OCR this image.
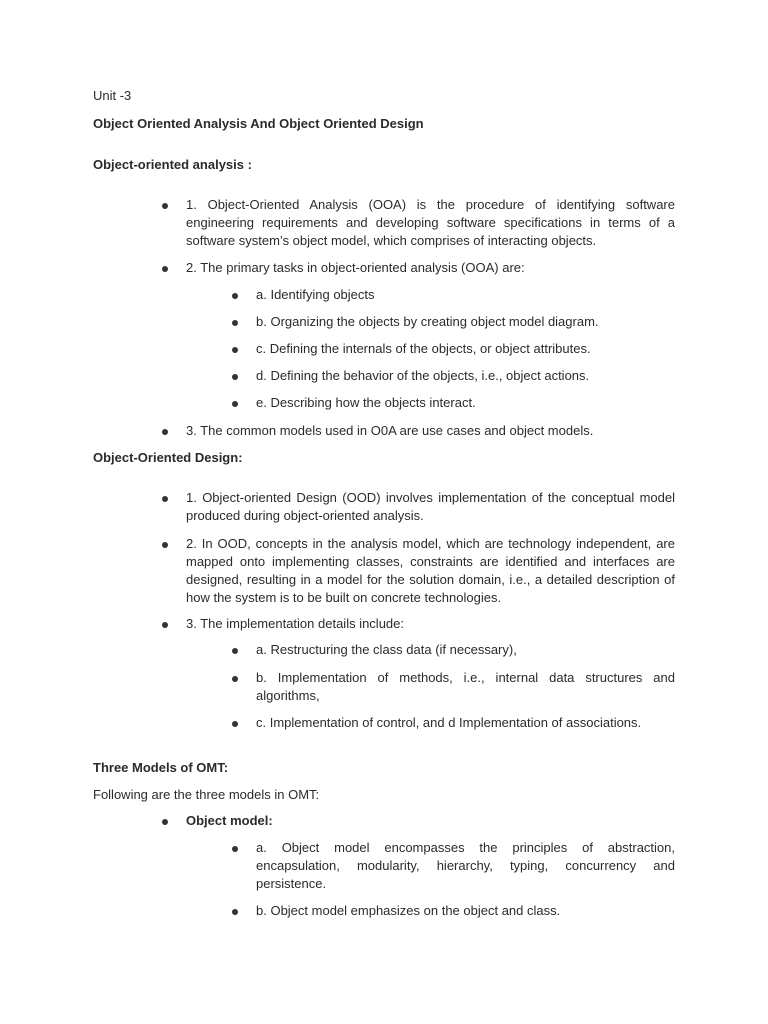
Unit -3
Object Oriented Analysis And Object Oriented Design
Object-oriented analysis :
1. Object-Oriented Analysis (OOA) is the procedure of identifying software engineering requirements and developing software specifications in terms of a software system’s object model, which comprises of interacting objects.
2. The primary tasks in object-oriented analysis (OOA) are:
a. Identifying objects
b. Organizing the objects by creating object model diagram.
c. Defining the internals of the objects, or object attributes.
d. Defining the behavior of the objects, i.e., object actions.
e. Describing how the objects interact.
3. The common models used in O0A are use cases and object models.
Object-Oriented Design:
1. Object-oriented Design (OOD) involves implementation of the conceptual model produced during object-oriented analysis.
2. In OOD, concepts in the analysis model, which are technology independent, are mapped onto implementing classes, constraints are identified and interfaces are designed, resulting in a model for the solution domain, i.e., a detailed description of how the system is to be built on concrete technologies.
3. The implementation details include:
a. Restructuring the class data (if necessary),
b. Implementation of methods, i.e., internal data structures and algorithms,
c. Implementation of control, and d Implementation of associations.
Three Models of OMT:
Following are the three models in OMT:
Object model:
a. Object model encompasses the principles of abstraction, encapsulation, modularity, hierarchy, typing, concurrency and persistence.
b. Object model emphasizes on the object and class.
